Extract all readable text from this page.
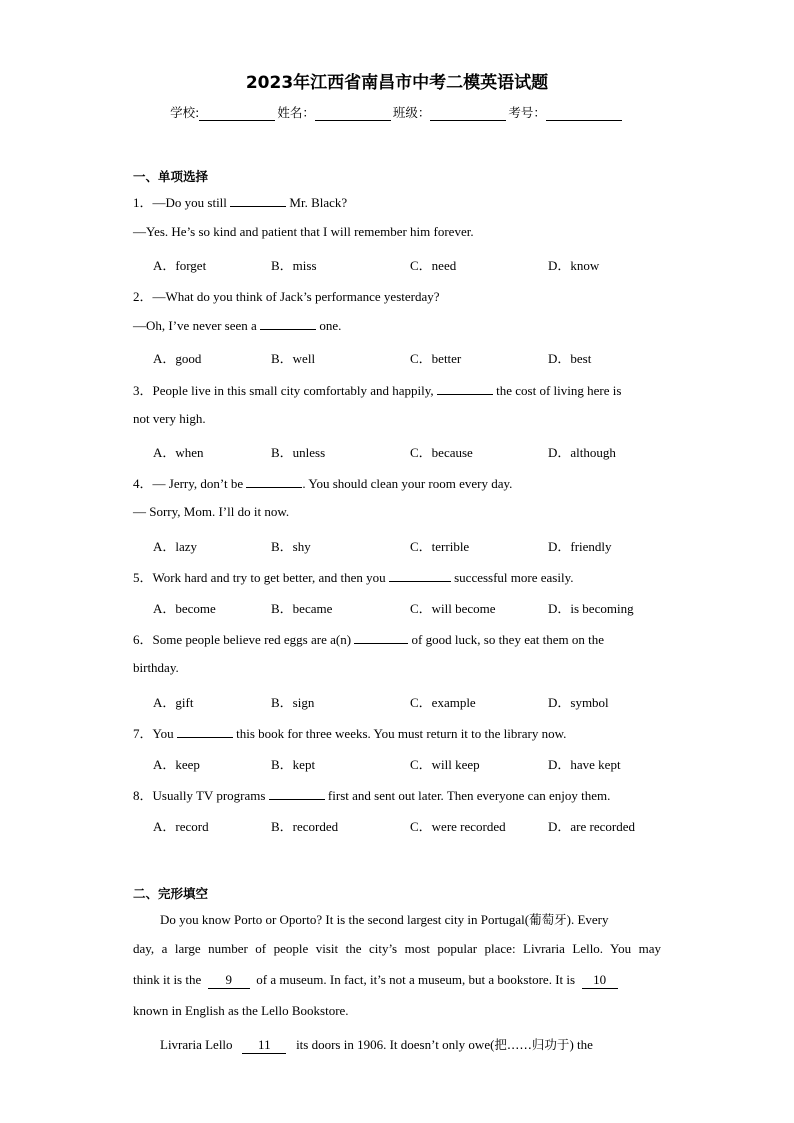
2023年江西省南昌市中考二模英语试题
学校:	姓名：	班级：	考号：
一、单项选择
1．—Do you still	Mr. Black?
—Yes. He’s so kind and patient that I will remember him forever.
A．forget	B．miss	C．need	D．know
2．—What do you think of Jack’s performance yesterday?
—Oh, I’ve never seen a	one.
A．good	B．well	C．better	D．best
3．People live in this small city comfortably and happily,	the cost of living here is
not very high.
A．when	B．unless	C．because	D．although
4．— Jerry, don’t be	. You should clean your room every day.
— Sorry, Mom. I’ll do it now.
A．lazy	B．shy	C．terrible	D．friendly
5．Work hard and try to get better, and then you	successful more easily.
A．become	B．became	C．will become	D．is becoming
6．Some people believe red eggs are a(n)	of good luck, so they eat them on the
birthday.
A．gift	B．sign	C．example	D．symbol
7．You	this book for three weeks. You must return it to the library now.
A．keep	B．kept	C．will keep	D．have kept
8．Usually TV programs	first and sent out later. Then everyone can enjoy them.
A．record	B．recorded	C．were recorded	D．are recorded
二、完形填空
Do you know Porto or Oporto? It is the second largest city in Portugal(葡萄牙). Every
day, a large number of people visit the city’s most popular place: Livraria Lello. You may
think it is the 9 of a museum. In fact, it’s not a museum, but a bookstore. It is 10
known in English as the Lello Bookstore.
Livraria Lello 11 its doors in 1906. It doesn’t only owe(把……归功于) the
